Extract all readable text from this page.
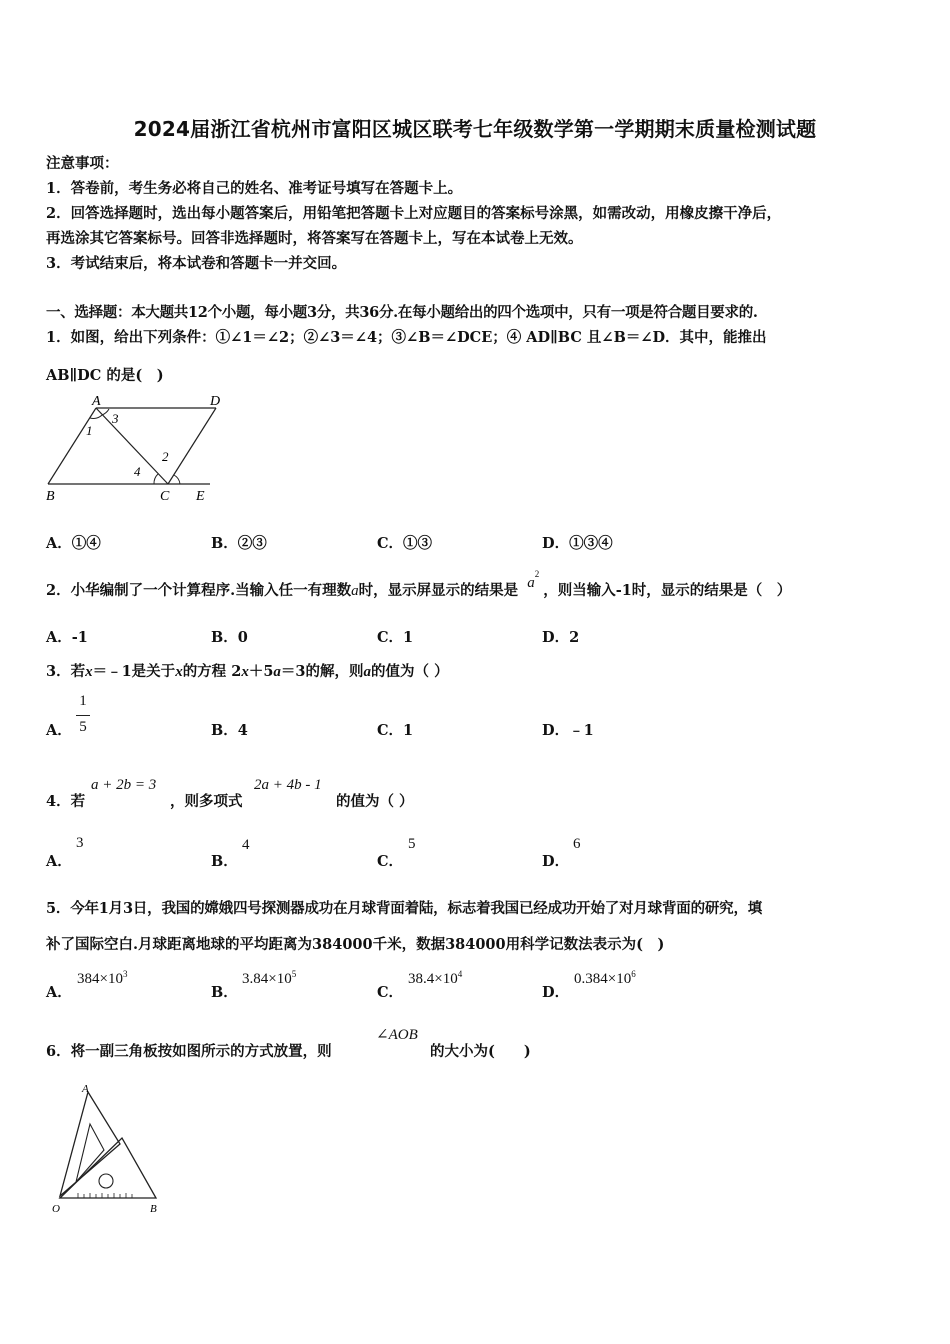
2024届浙江省杭州市富阳区城区联考七年级数学第一学期期末质量检测试题
注意事项：
1．答卷前，考生务必将自己的姓名、准考证号填写在答题卡上。
2．回答选择题时，选出每小题答案后，用铅笔把答题卡上对应题目的答案标号涂黑，如需改动，用橡皮擦干净后，
再选涂其它答案标号。回答非选择题时，将答案写在答题卡上，写在本试卷上无效。
3．考试结束后，将本试卷和答题卡一并交回。
一、选择题：本大题共12个小题，每小题3分，共36分.在每小题给出的四个选项中，只有一项是符合题目要求的.
1．如图，给出下列条件：①∠1＝∠2；②∠3＝∠4；③∠B＝∠DCE；④ AD∥BC 且∠B＝∠D．其中，能推出
AB∥DC 的是(　)
A	D
B	C E
1
2
3
4
A．①④	B．②③	C．①③	D．①③④
2．小华编制了一个计算程序.当输入任一有理数a时，显示屏显示的结果是 $a^2$，则当输入-1时，显示的结果是（　）
A．-1	B．0	C．1	D．2
3．若x＝﹣1是关于x的方程 2x＋5a＝3的解，则a的值为（ ）
A．
1
5	B．4	C．1	D．﹣1
4．若
a + 2b = 3
，则多项式
2a + 4b - 1
的值为（ ）
A．
3
B．
4
C．
5
D．
6
5．今年1月3日，我国的嫦娥四号探测器成功在月球背面着陆，标志着我国已经成功开始了对月球背面的研究，填
补了国际空白.月球距离地球的平均距离为384000千米，数据384000用科学记数法表示为(　)
A．
$384\times 10^3$
B．
$3.84\times 10^5$
C．
$38.4\times 10^4$
D．
$0.384\times 10^6$
6．将一副三角板按如图所示的方式放置，则
∠AOB
的大小为(　　)
A
O	B
